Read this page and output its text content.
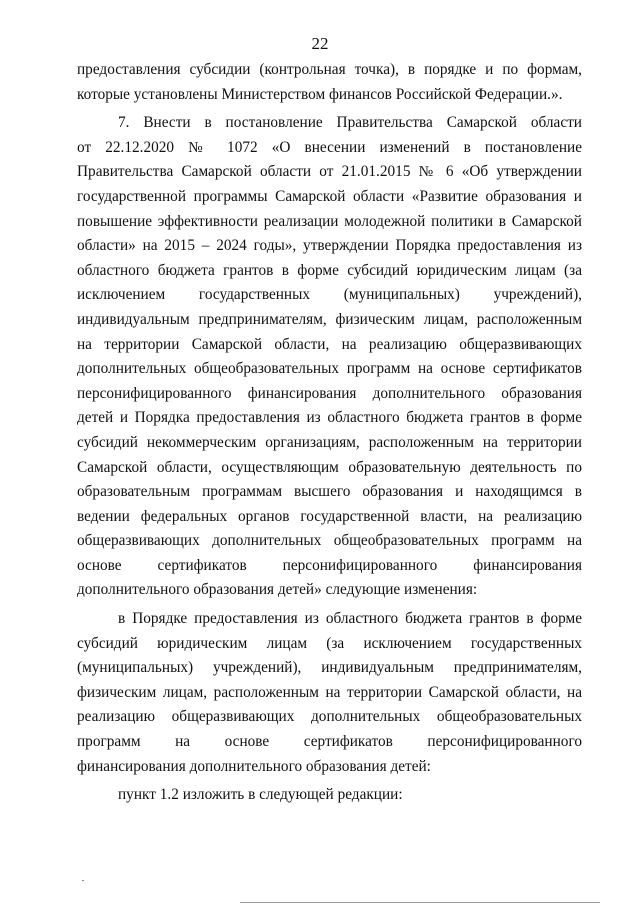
22
предоставления субсидии (контрольная точка), в порядке и по формам,
которые установлены Министерством финансов Российской Федерации.».
7. Внести в постановление Правительства Самарской области
от 22.12.2020 № 1072 «О внесении изменений в постановление
Правительства Самарской области от 21.01.2015 № 6 «Об утверждении
государственной программы Самарской области «Развитие образования и
повышение эффективности реализации молодежной политики в Самарской
области» на 2015 – 2024 годы», утверждении Порядка предоставления из
областного бюджета грантов в форме субсидий юридическим лицам (за
исключением государственных (муниципальных) учреждений),
индивидуальным предпринимателям, физическим лицам, расположенным
на территории Самарской области, на реализацию общеразвивающих
дополнительных общеобразовательных программ на основе сертификатов
персонифицированного финансирования дополнительного образования
детей и Порядка предоставления из областного бюджета грантов в форме
субсидий некоммерческим организациям, расположенным на территории
Самарской области, осуществляющим образовательную деятельность по
образовательным программам высшего образования и находящимся в
ведении федеральных органов государственной власти, на реализацию
общеразвивающих дополнительных общеобразовательных программ на
основе сертификатов персонифицированного финансирования
дополнительного образования детей» следующие изменения:
в Порядке предоставления из областного бюджета грантов в форме
субсидий юридическим лицам (за исключением государственных
(муниципальных) учреждений), индивидуальным предпринимателям,
физическим лицам, расположенным на территории Самарской области, на
реализацию общеразвивающих дополнительных общеобразовательных
программ на основе сертификатов персонифицированного
финансирования дополнительного образования детей:
пункт 1.2 изложить в следующей редакции:
